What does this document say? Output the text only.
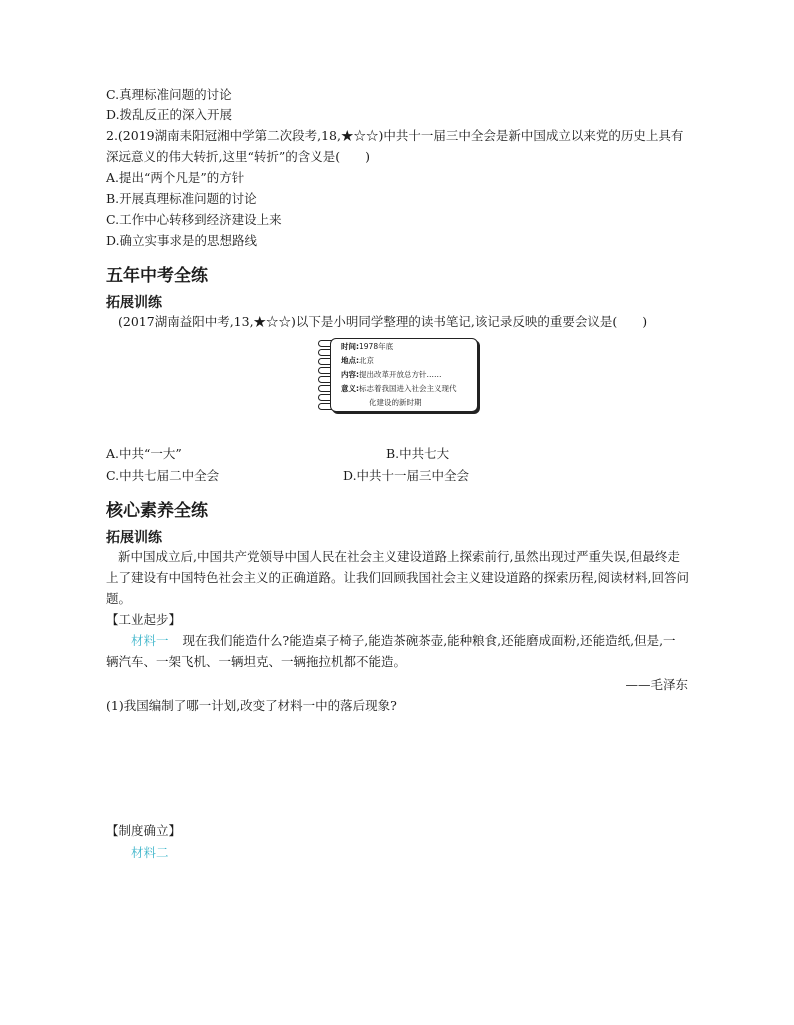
C.真理标准问题的讨论
D.拨乱反正的深入开展
2.(2019湖南耒阳冠湘中学第二次段考,18,★☆☆)中共十一届三中全会是新中国成立以来党的历史上具有
深远意义的伟大转折,这里“转折”的含义是(　　)
A.提出“两个凡是”的方针
B.开展真理标准问题的讨论
C.工作中心转移到经济建设上来
D.确立实事求是的思想路线
五年中考全练
拓展训练
(2017湖南益阳中考,13,★☆☆)以下是小明同学整理的读书笔记,该记录反映的重要会议是(　　)
时间:1978年底
地点:北京
内容:提出改革开放总方针……
意义:标志着我国进入社会主义现代
化建设的新时期
A.中共“一大”	B.中共七大
C.中共七届二中全会	D.中共十一届三中全会
核心素养全练
拓展训练
新中国成立后,中国共产党领导中国人民在社会主义建设道路上探索前行,虽然出现过严重失误,但最终走
上了建设有中国特色社会主义的正确道路。让我们回顾我国社会主义建设道路的探索历程,阅读材料,回答问
题。
【工业起步】
材料一 现在我们能造什么?能造桌子椅子,能造茶碗茶壶,能种粮食,还能磨成面粉,还能造纸,但是,一
辆汽车、一架飞机、一辆坦克、一辆拖拉机都不能造。
——毛泽东
(1)我国编制了哪一计划,改变了材料一中的落后现象?
【制度确立】
材料二
